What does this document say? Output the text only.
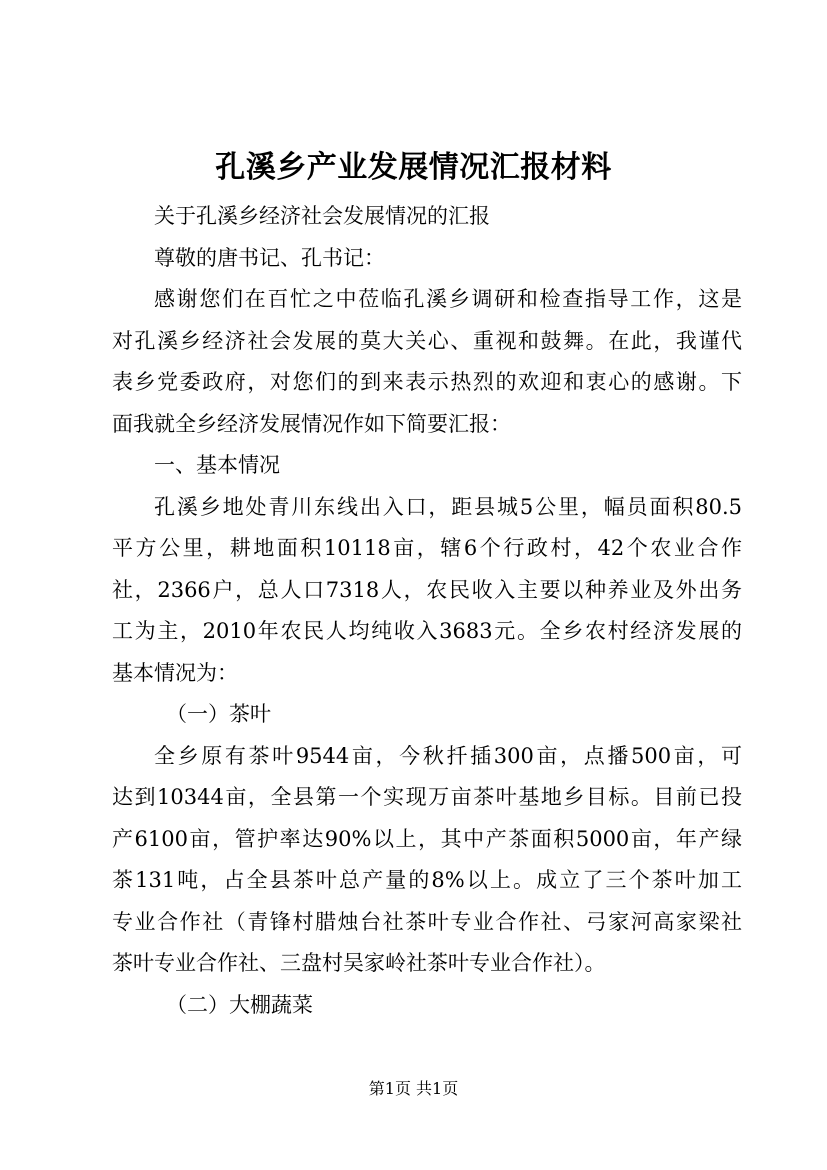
孔溪乡产业发展情况汇报材料
关于孔溪乡经济社会发展情况的汇报
尊敬的唐书记、孔书记：
感谢您们在百忙之中莅临孔溪乡调研和检查指导工作，这是
对孔溪乡经济社会发展的莫大关心、重视和鼓舞。在此，我谨代
表乡党委政府，对您们的到来表示热烈的欢迎和衷心的感谢。下
面我就全乡经济发展情况作如下简要汇报：
一、基本情况
孔溪乡地处青川东线出入口，距县城5公里，幅员面积80.5
平方公里，耕地面积10118亩，辖6个行政村，42个农业合作
社，2366户，总人口7318人，农民收入主要以种养业及外出务
工为主，2010年农民人均纯收入3683元。全乡农村经济发展的
基本情况为：
（一）茶叶
全乡原有茶叶9544亩，今秋扦插300亩，点播500亩，可
达到10344亩，全县第一个实现万亩茶叶基地乡目标。目前已投
产6100亩，管护率达90%以上，其中产茶面积5000亩，年产绿
茶131吨，占全县茶叶总产量的8%以上。成立了三个茶叶加工
专业合作社（青锋村腊烛台社茶叶专业合作社、弓家河高家梁社
茶叶专业合作社、三盘村吴家岭社茶叶专业合作社）。
（二）大棚蔬菜
第1页 共1页
